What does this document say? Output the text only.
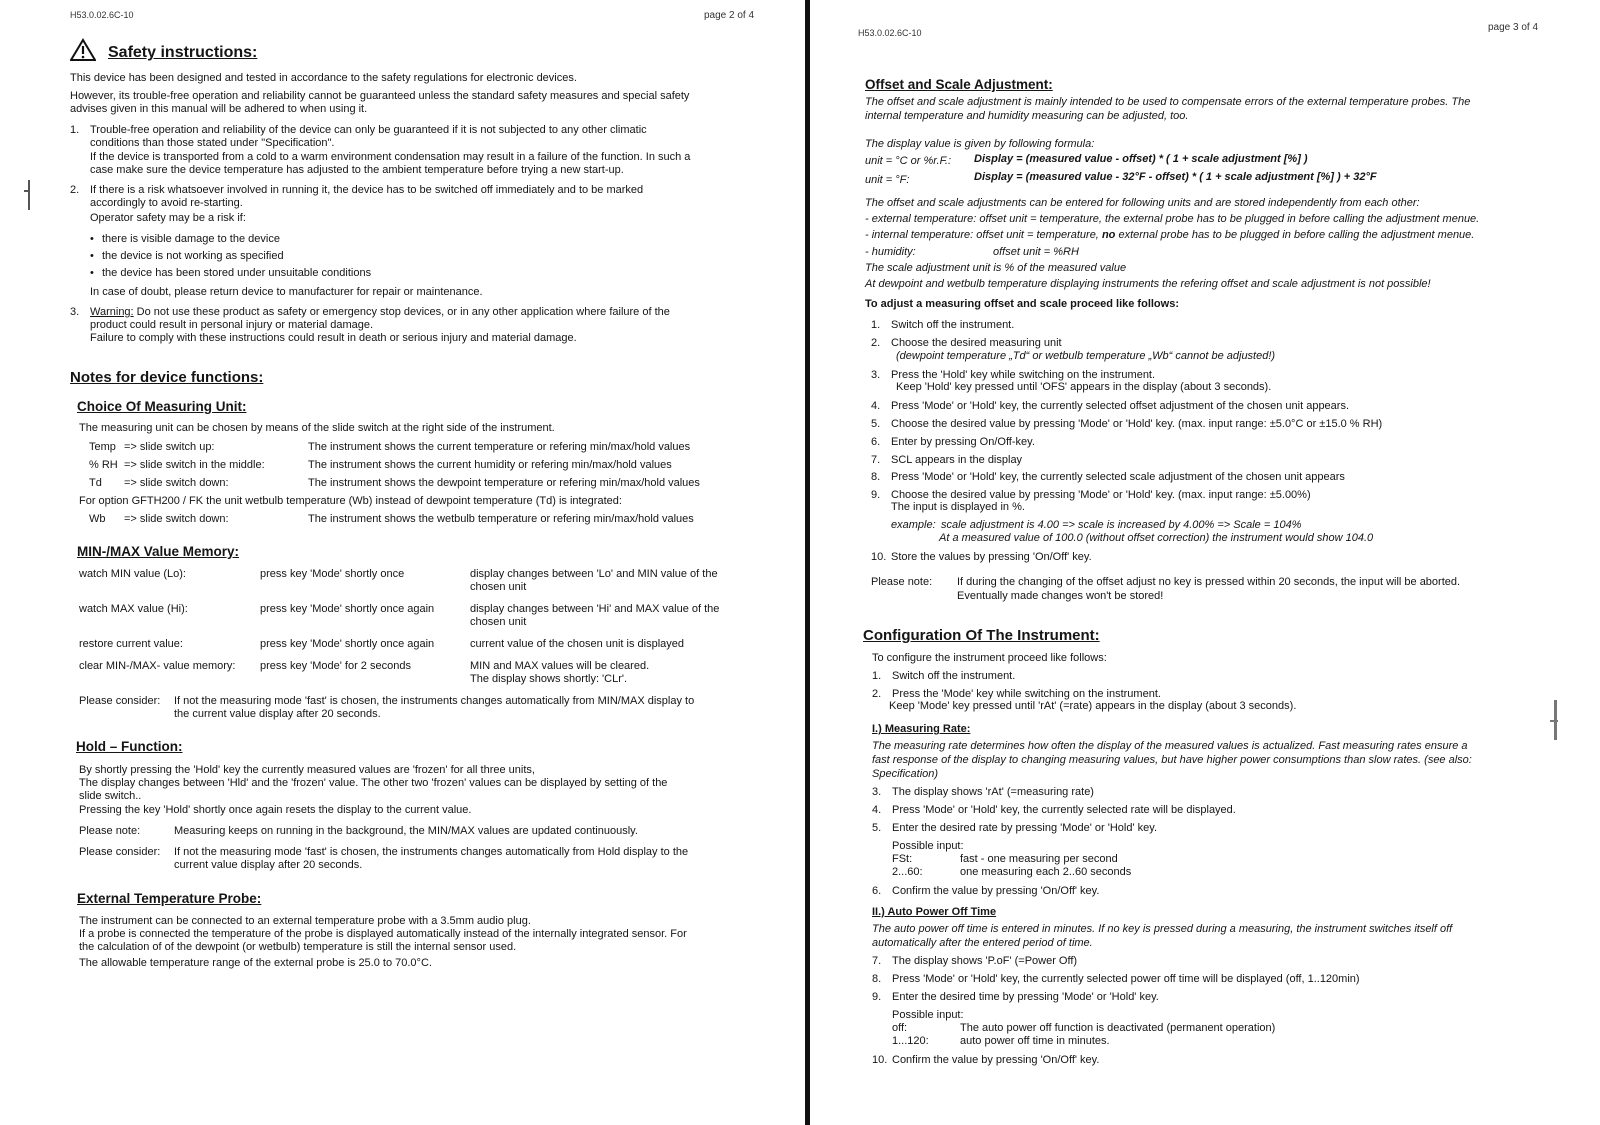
H53.0.02.6C-10	page 2 of 4
Safety instructions:
This device has been designed and tested in accordance to the safety regulations for electronic devices.
However, its trouble-free operation and reliability cannot be guaranteed unless the standard safety measures and special safety
advises given in this manual will be adhered to when using it.
1. Trouble-free operation and reliability of the device can only be guaranteed if it is not subjected to any other climatic
conditions than those stated under "Specification".
If the device is transported from a cold to a warm environment condensation may result in a failure of the function. In such a
case make sure the device temperature has adjusted to the ambient temperature before trying a new start-up.
2. If there is a risk whatsoever involved in running it, the device has to be switched off immediately and to be marked
accordingly to avoid re-starting.
Operator safety may be a risk if:
• there is visible damage to the device
• the device is not working as specified
• the device has been stored under unsuitable conditions
In case of doubt, please return device to manufacturer for repair or maintenance.
3. Warning: Do not use these product as safety or emergency stop devices, or in any other application where failure of the
product could result in personal injury or material damage.
Failure to comply with these instructions could result in death or serious injury and material damage.
Notes for device functions:
Choice Of Measuring Unit:
The measuring unit can be chosen by means of the slide switch at the right side of the instrument.
Temp => slide switch up:	The instrument shows the current temperature or refering min/max/hold values
% RH => slide switch in the middle:	The instrument shows the current humidity or refering min/max/hold values
Td => slide switch down:	The instrument shows the dewpoint temperature or refering min/max/hold values
For option GFTH200 / FK the unit wetbulb temperature (Wb) instead of dewpoint temperature (Td) is integrated:
Wb => slide switch down:	The instrument shows the wetbulb temperature or refering min/max/hold values
MIN-/MAX Value Memory:
watch MIN value (Lo):	press key 'Mode' shortly once	display changes between 'Lo' and MIN value of the
chosen unit
watch MAX value (Hi):	press key 'Mode' shortly once again	display changes between 'Hi' and MAX value of the
chosen unit
restore current value:	press key 'Mode' shortly once again	current value of the chosen unit is displayed
clear MIN-/MAX- value memory: press key 'Mode' for 2 seconds	MIN and MAX values will be cleared.
The display shows shortly: 'CLr'.
Please consider: If not the measuring mode 'fast' is chosen, the instruments changes automatically from MIN/MAX display to
the current value display after 20 seconds.
Hold – Function:
By shortly pressing the 'Hold' key the currently measured values are 'frozen' for all three units,
The display changes between 'Hld' and the 'frozen' value. The other two 'frozen' values can be displayed by setting of the
slide switch..
Pressing the key 'Hold' shortly once again resets the display to the current value.
Please note:	Measuring keeps on running in the background, the MIN/MAX values are updated continuously.
Please consider: If not the measuring mode 'fast' is chosen, the instruments changes automatically from Hold display to the
current value display after 20 seconds.
External Temperature Probe:
The instrument can be connected to an external temperature probe with a 3.5mm audio plug.
If a probe is connected the temperature of the probe is displayed automatically instead of the internally integrated sensor. For
the calculation of of the dewpoint (or wetbulb) temperature is still the internal sensor used.
The allowable temperature range of the external probe is 25.0 to 70.0°C.
H53.0.02.6C-10	page 3 of 4
Offset and Scale Adjustment:
The offset and scale adjustment is mainly intended to be used to compensate errors of the external temperature probes. The
internal temperature and humidity measuring can be adjusted, too.
The display value is given by following formula:
unit = °C or %r.F.: Display = (measured value - offset) * ( 1 + scale adjustment [%] )
unit = °F:	Display = (measured value - 32°F - offset) * ( 1 + scale adjustment [%] ) + 32°F
The offset and scale adjustments can be entered for following units and are stored independently from each other:
- external temperature: offset unit = temperature, the external probe has to be plugged in before calling the adjustment menue.
- internal temperature: offset unit = temperature, no external probe has to be plugged in before calling the adjustment menue.
- humidity:	offset unit = %RH
The scale adjustment unit is % of the measured value
At dewpoint and wetbulb temperature displaying instruments the refering offset and scale adjustment is not possible!
To adjust a measuring offset and scale proceed like follows:
1. Switch off the instrument.
2. Choose the desired measuring unit
(dewpoint temperature „Td“ or wetbulb temperature „Wb“ cannot be adjusted!)
3. Press the 'Hold' key while switching on the instrument.
Keep 'Hold' key pressed until 'OFS' appears in the display (about 3 seconds).
4. Press 'Mode' or 'Hold' key, the currently selected offset adjustment of the chosen unit appears.
5. Choose the desired value by pressing 'Mode' or 'Hold' key. (max. input range: ±5.0°C or ±15.0 % RH)
6. Enter by pressing On/Off-key.
7. SCL appears in the display
8. Press 'Mode' or 'Hold' key, the currently selected scale adjustment of the chosen unit appears
9. Choose the desired value by pressing 'Mode' or 'Hold' key. (max. input range: ±5.00%)
The input is displayed in %.
example: scale adjustment is 4.00 => scale is increased by 4.00% => Scale = 104%
At a measured value of 100.0 (without offset correction) the instrument would show 104.0
10. Store the values by pressing 'On/Off' key.
Please note: If during the changing of the offset adjust no key is pressed within 20 seconds, the input will be aborted.
Eventually made changes won't be stored!
Configuration Of The Instrument:
To configure the instrument proceed like follows:
1. Switch off the instrument.
2. Press the 'Mode' key while switching on the instrument.
Keep 'Mode' key pressed until 'rAt' (=rate) appears in the display (about 3 seconds).
I.) Measuring Rate:
The measuring rate determines how often the display of the measured values is actualized. Fast measuring rates ensure a
fast response of the display to changing measuring values, but have higher power consumptions than slow rates. (see also:
Specification)
3. The display shows 'rAt' (=measuring rate)
4. Press 'Mode' or 'Hold' key, the currently selected rate will be displayed.
5. Enter the desired rate by pressing 'Mode' or 'Hold' key.
Possible input:
FSt:	fast - one measuring per second
2...60:	one measuring each 2..60 seconds
6. Confirm the value by pressing 'On/Off' key.
II.) Auto Power Off Time
The auto power off time is entered in minutes. If no key is pressed during a measuring, the instrument switches itself off
automatically after the entered period of time.
7. The display shows 'P.oF' (=Power Off)
8. Press 'Mode' or 'Hold' key, the currently selected power off time will be displayed (off, 1..120min)
9. Enter the desired time by pressing 'Mode' or 'Hold' key.
Possible input:
off:	The auto power off function is deactivated (permanent operation)
1...120:	auto power off time in minutes.
10. Confirm the value by pressing 'On/Off' key.
